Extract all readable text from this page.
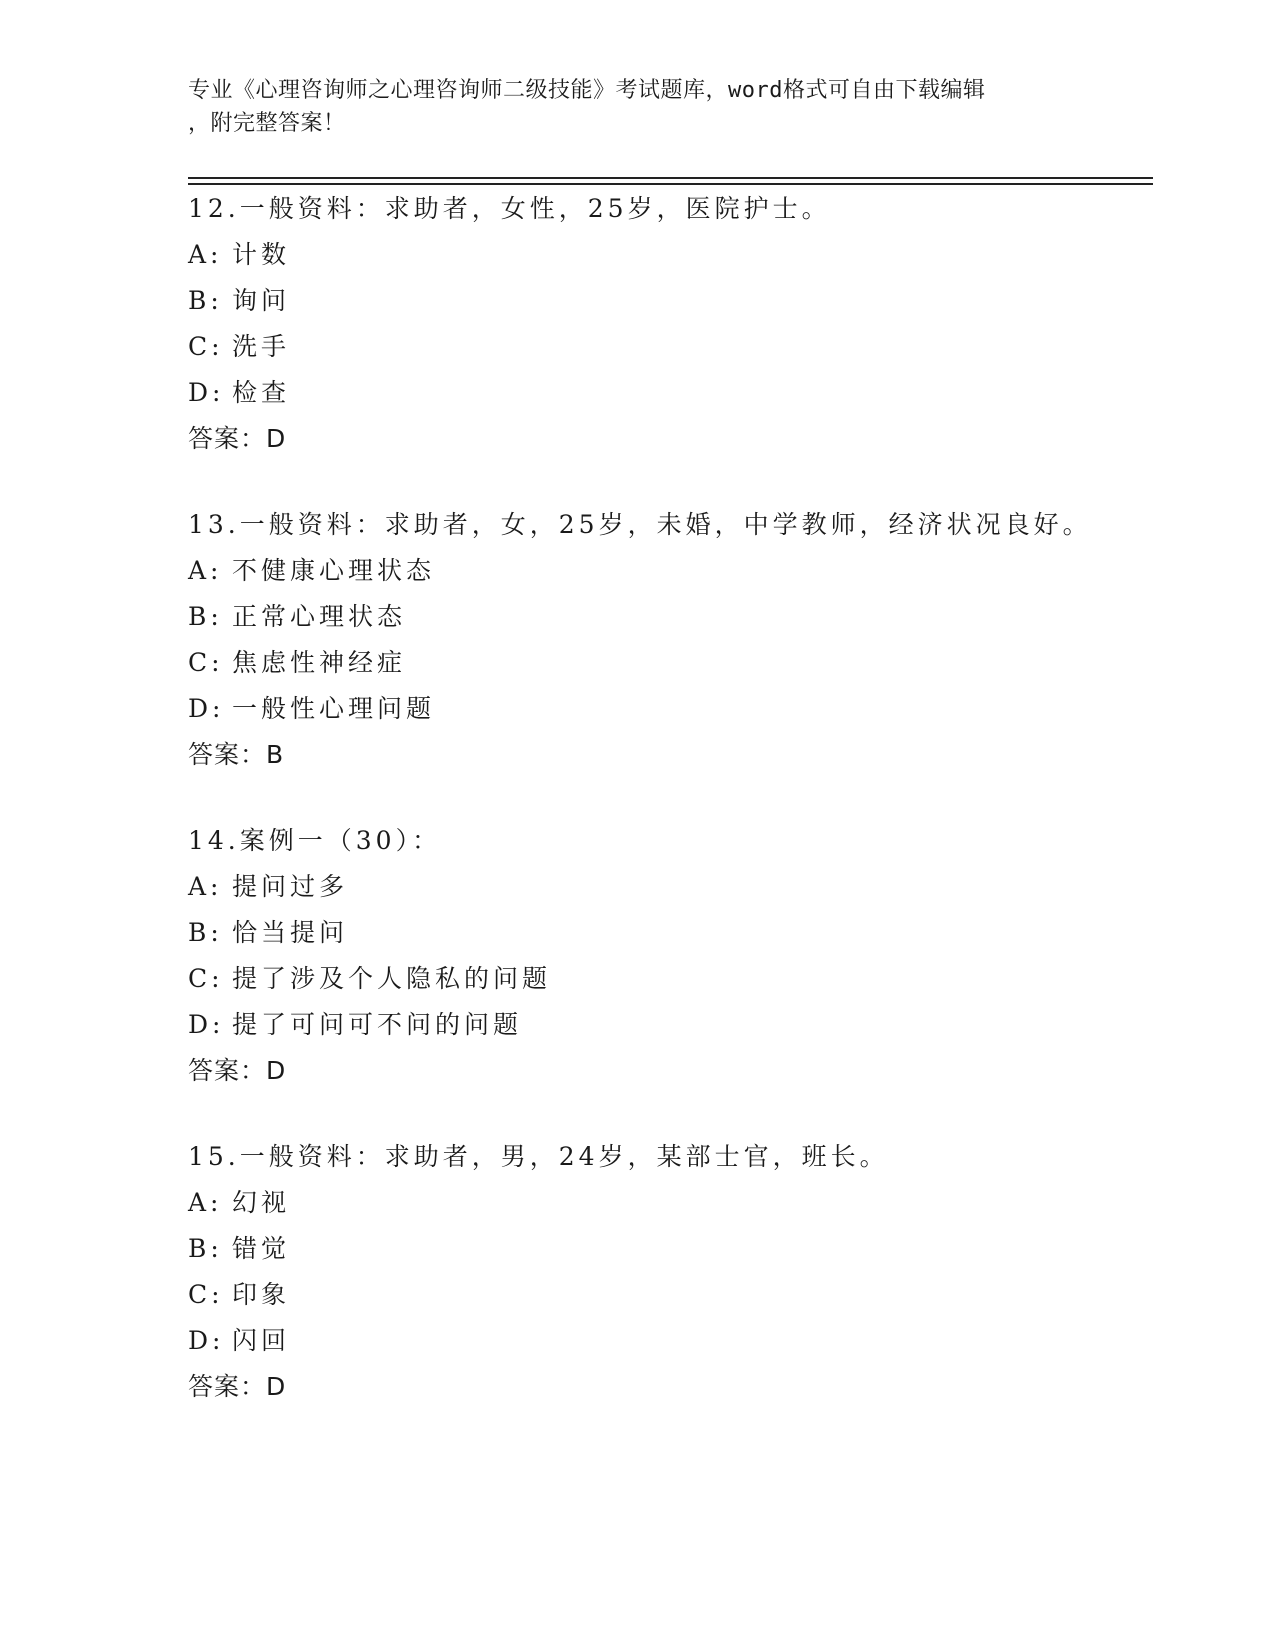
专业《心理咨询师之心理咨询师二级技能》考试题库，word格式可自由下载编辑
，附完整答案！
12.一般资料：求助者，女性，25岁，医院护士。
A: 计数
B: 询问
C: 洗手
D: 检查
答案：D
13.一般资料：求助者，女，25岁，未婚，中学教师，经济状况良好。
A: 不健康心理状态
B: 正常心理状态
C: 焦虑性神经症
D: 一般性心理问题
答案：B
14.案例一（30）：
A: 提问过多
B: 恰当提问
C: 提了涉及个人隐私的问题
D: 提了可问可不问的问题
答案：D
15.一般资料：求助者，男，24岁，某部士官，班长。
A: 幻视
B: 错觉
C: 印象
D: 闪回
答案：D
